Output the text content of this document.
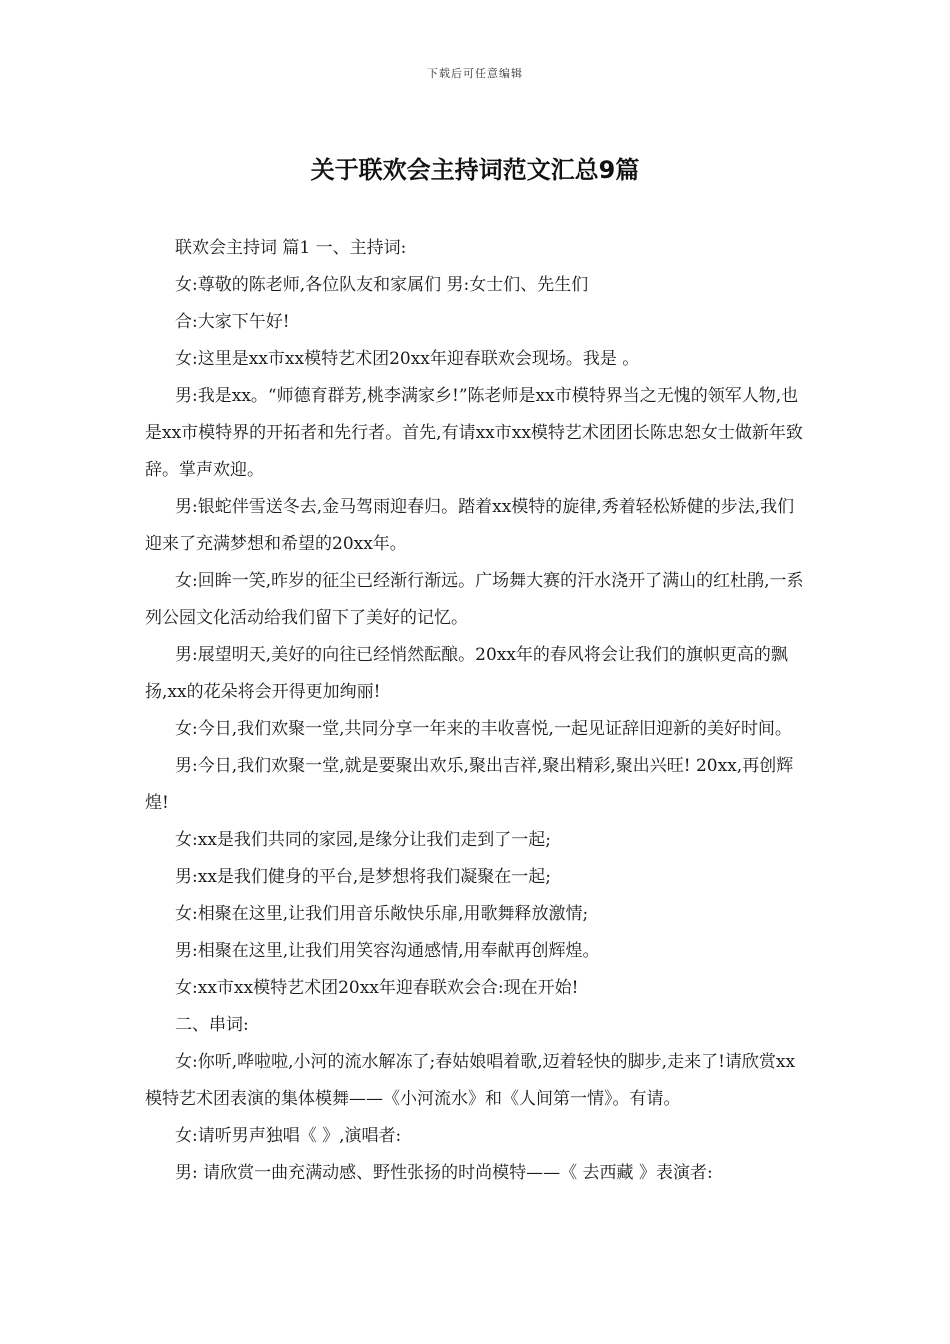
下载后可任意编辑
关于联欢会主持词范文汇总9篇

联欢会主持词 篇1 一、主持词:

女:尊敬的陈老师,各位队友和家属们 男:女士们、先生们

合:大家下午好!

女:这里是xx市xx模特艺术团20xx年迎春联欢会现场。我是 。

男:我是xx。“师德育群芳,桃李满家乡!”陈老师是xx市模特界当之无愧的领军人物,也是xx市模特界的开拓者和先行者。首先,有请xx市xx模特艺术团团长陈忠恕女士做新年致辞。掌声欢迎。

男:银蛇伴雪送冬去,金马驾雨迎春归。踏着xx模特的旋律,秀着轻松矫健的步法,我们迎来了充满梦想和希望的20xx年。

女:回眸一笑,昨岁的征尘已经渐行渐远。广场舞大赛的汗水浇开了满山的红杜鹃,一系列公园文化活动给我们留下了美好的记忆。

男:展望明天,美好的向往已经悄然酝酿。20xx年的春风将会让我们的旗帜更高的飘扬,xx的花朵将会开得更加绚丽!

女:今日,我们欢聚一堂,共同分享一年来的丰收喜悦,一起见证辞旧迎新的美好时间。

男:今日,我们欢聚一堂,就是要聚出欢乐,聚出吉祥,聚出精彩,聚出兴旺! 20xx,再创辉煌!

女:xx是我们共同的家园,是缘分让我们走到了一起;

男:xx是我们健身的平台,是梦想将我们凝聚在一起;

女:相聚在这里,让我们用音乐敞快乐扉,用歌舞释放激情;

男:相聚在这里,让我们用笑容沟通感情,用奉献再创辉煌。

女:xx市xx模特艺术团20xx年迎春联欢会合:现在开始!

二、串词:

女:你听,哗啦啦,小河的流水解冻了;春姑娘唱着歌,迈着轻快的脚步,走来了!请欣赏xx模特艺术团表演的集体模舞——《小河流水》和《人间第一情》。有请。

女:请听男声独唱《 》,演唱者:

男: 请欣赏一曲充满动感、野性张扬的时尚模特——《 去西藏 》表演者:
